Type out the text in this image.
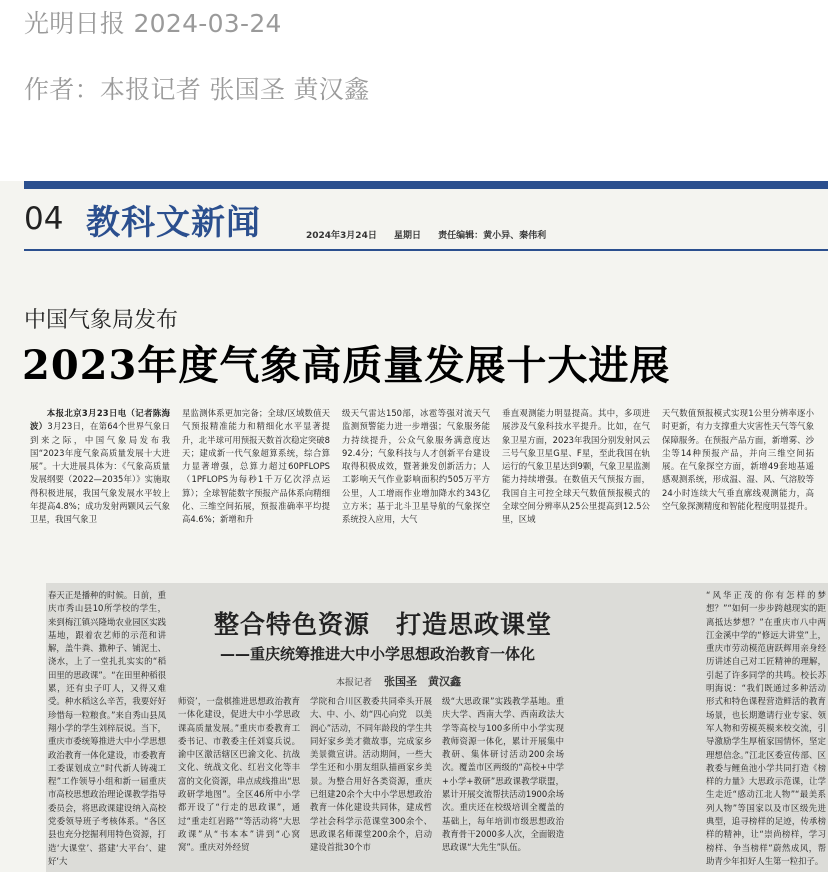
光明日报 2024-03-24
作者：本报记者 张国圣 黄汉鑫
04 教科文新闻	2024年3月24日 星期日 责任编辑：黄小异、秦伟利
中国气象局发布
2023年度气象高质量发展十大进展

本报北京3月23日电（记者陈海波）3月23日，在第64个世界气象日到来之际，中国气象局发布我国“2023年度气象高质量发展十大进展”。十大进展具体为：《气象高质量发展纲要（2022—2035年）》实施取得积极进展，我国气象发展水平较上年提高4.8%；成功发射两颗风云气象卫星，我国气象卫

星监测体系更加完备；全球/区域数值天气预报精准能力和精细化水平显著提升，北半球可用预报天数首次稳定突破8天；建成新一代气象超算系统，综合算力显著增强，总算力超过60PFLOPS（1PFLOPS为每秒1千万亿次浮点运算）；全球智能数字预报产品体系向精细化、三维空间拓展，预报准确率平均提高4.6%；新增和升
级天气雷达150部，冰雹等强对流天气监测预警能力进一步增强；气象服务能力持续提升，公众气象服务满意度达92.4分；气象科技与人才创新平台建设取得积极成效，暨著兼发创新活力；人工影响天气作业影响面积约505万平方公里，人工增雨作业增加降水约343亿立方米；基于北斗卫星导航的气象探空系统投入应用，大气
垂直观测能力明显提高。其中，多项进展涉及气象科技水平提升。比如，在气象卫星方面，2023年我国分别发射风云三号气象卫星G星、F星，至此我国在轨运行的气象卫星达到9颗，气象卫星监测能力持续增强。在数值天气预报方面，我国自主可控全球天气数值预报模式的全球空间分辨率从25公里提高到12.5公里，区域
天气数值预报模式实现1公里分辨率逐小时更新，有力支撑重大灾害性天气等气象保障服务。在预报产品方面，新增雾、沙尘等14种预报产品，并向三维空间拓展。在气象探空方面，新增49套地基遥感观测系统，形成温、湿、风、气溶胶等24小时连续大气垂直廓线观测能力，高空气象探测精度和智能化程度明显提升。
春天正是播种的时候。日前，重庆市秀山县10所学校的学生，来到梅江镇兴隆坳农业园区实践基地，跟着农艺师的示范和讲解，盖牛粪、撒种子、铺泥土、浇水，上了一堂扎扎实实的“稻田里的思政课”。“在田里种稻很累，还有虫子叮人，又得又难受。种水稻这么辛苦，我要好好珍惜每一粒粮食。”来自秀山县凤翔小学的学生刘梓辰说。当下，重庆市委统筹推进大中小学思想政治教育一体化建设，市委教育工委谋划成立“时代新人铸魂工程”工作领导小组和新一届重庆市高校思想政治理论课教学指导委员会，将思政课建设纳入高校党委领导班子考核体系。“各区县也充分挖掘利用特色资源，打造‘大课堂’、搭建‘大平台’、建好‘大
整合特色资源　打造思政课堂
——重庆统筹推进大中小学思想政治教育一体化
本报记者 张国圣　黄汉鑫
师资’，一盘棋推进思想政治教育一体化建设，促进大中小学思政课高质量发展。”重庆市委教育工委书记、市教委主任刘宴兵说。渝中区激活辖区巴渝文化、抗战文化、统战文化、红岩文化等丰富的文化资源，串点成线推出“思政研学地图”。全区46所中小学都开设了“行走的思政课”，通过“重走红岩路”“等活动将“大思政课”从“书本本”讲到“心窝窝”。重庆对外经贸
学院和合川区教委共同牵头开展大、中、小、幼“四心向党　以美润心”活动，不同年龄段的学生共同好家乡美才微故事，完成家乡美景微宣讲。活动期间，一些大学生还和小朋友组队描画家乡美景。为整合用好各类资源，重庆已组建20余个大中小学思想政治教育一体化建设共同体，建成哲学社会科学示范课堂300余个、思政课名师课堂200余个，启动建设首批30个市
级“大思政课”实践教学基地。重庆大学、西南大学、西南政法大学等高校与100多所中小学实现教师资源一体化，累计开展集中教研、集体研讨活动200余场次。覆盖市区两级的“高校+中学+小学+教研”思政课教学联盟，累计开展交流帮扶活动1900余场次。重庆还在校级培训全覆盖的基础上，每年培训市级思想政治教育骨干2000多人次，全面锻造思政课“大先生”队伍。
“风华正茂的你有怎样的梦想？”“如何一步步跨越现实的距离抵达梦想？”在重庆市八中两江金溪中学的“修远大讲堂”上，重庆市劳动模范唐跃辉用亲身经历讲述自己对工匠精神的理解，引起了许多同学的共鸣。校长苏明海说：“我们既通过多种活动形式和特色课程营造鲜活的教育场景，也长期邀请行业专家、领军人物和劳模英模来校交流，引导激励学生厚植家国情怀，坚定理想信念。”江北区委宣传部、区教委与鲤鱼池小学共同打造《榜样的力量》大思政示范课，让学生走近“感动江北人物”“最美系列人物”等国家以及市区级先进典型，追寻榜样的足迹，传承榜样的精神，让“崇尚榜样，学习榜样、争当榜样”蔚然成风，帮助青少年扣好人生第一粒扣子。
